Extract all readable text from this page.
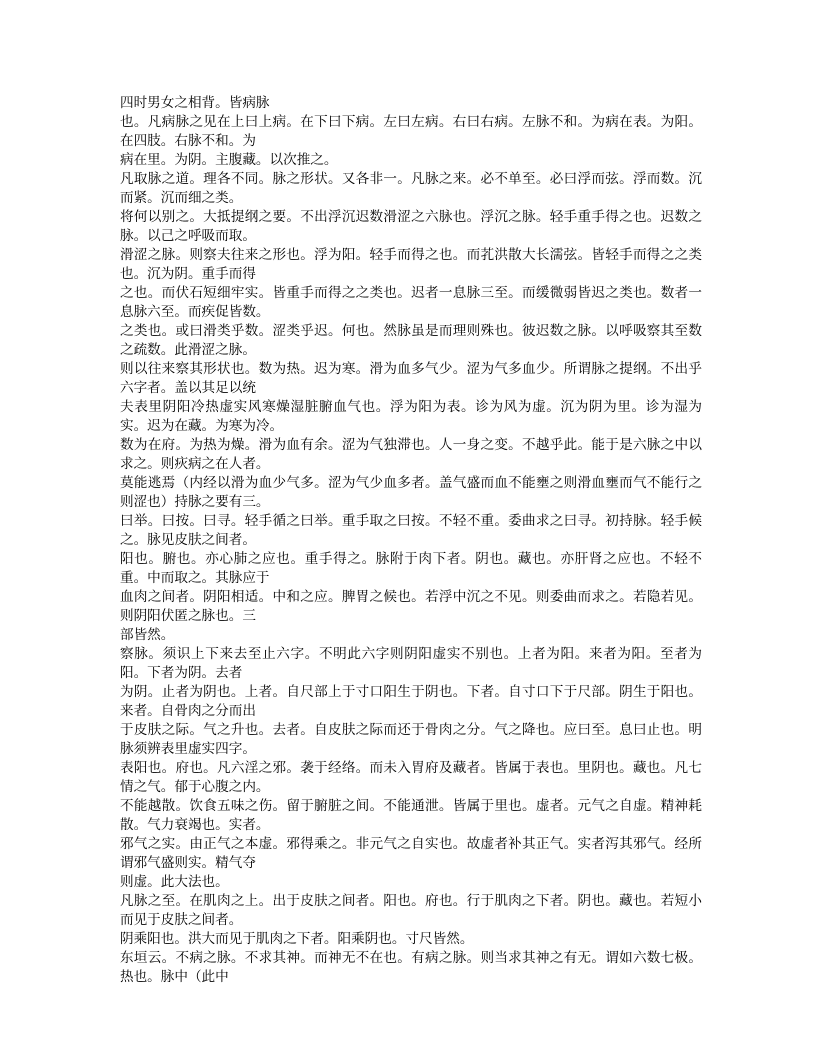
四时男女之相背。皆病脉

也。凡病脉之见在上曰上病。在下曰下病。左曰左病。右曰右病。左脉不和。为病在表。为阳。在四肢。右脉不和。为

病在里。为阴。主腹藏。以次推之。

凡取脉之道。理各不同。脉之形状。又各非一。凡脉之来。必不单至。必曰浮而弦。浮而数。沉而紧。沉而细之类。

将何以别之。大抵提纲之要。不出浮沉迟数滑涩之六脉也。浮沉之脉。轻手重手得之也。迟数之脉。以己之呼吸而取。

滑涩之脉。则察夫往来之形也。浮为阳。轻手而得之也。而芤洪散大长濡弦。皆轻手而得之之类也。沉为阴。重手而得

之也。而伏石短细牢实。皆重手而得之之类也。迟者一息脉三至。而缓微弱皆迟之类也。数者一息脉六至。而疾促皆数。

之类也。或曰滑类乎数。涩类乎迟。何也。然脉虽是而理则殊也。彼迟数之脉。以呼吸察其至数之疏数。此滑涩之脉。

则以往来察其形状也。数为热。迟为寒。滑为血多气少。涩为气多血少。所谓脉之提纲。不出乎六字者。盖以其足以统

夫表里阴阳冷热虚实风寒燥湿脏腑血气也。浮为阳为表。诊为风为虚。沉为阴为里。诊为湿为实。迟为在藏。为寒为冷。

数为在府。为热为燥。滑为血有余。涩为气独滞也。人一身之变。不越乎此。能于是六脉之中以求之。则疢病之在人者。

莫能逃焉（内经以滑为血少气多。涩为气少血多者。盖气盛而血不能壅之则滑血壅而气不能行之则涩也）持脉之要有三。

曰举。曰按。曰寻。轻手循之曰举。重手取之曰按。不轻不重。委曲求之曰寻。初持脉。轻手候之。脉见皮肤之间者。

阳也。腑也。亦心肺之应也。重手得之。脉附于肉下者。阴也。藏也。亦肝肾之应也。不轻不重。中而取之。其脉应于

血肉之间者。阴阳相适。中和之应。脾胃之候也。若浮中沉之不见。则委曲而求之。若隐若见。则阴阳伏匿之脉也。三

部皆然。

察脉。须识上下来去至止六字。不明此六字则阴阳虚实不别也。上者为阳。来者为阳。至者为阳。下者为阴。去者

为阴。止者为阴也。上者。自尺部上于寸口阳生于阴也。下者。自寸口下于尺部。阴生于阳也。来者。自骨肉之分而出

于皮肤之际。气之升也。去者。自皮肤之际而还于骨肉之分。气之降也。应曰至。息曰止也。明脉须辨表里虚实四字。

表阳也。府也。凡六淫之邪。袭于经络。而未入胃府及藏者。皆属于表也。里阴也。藏也。凡七情之气。郁于心腹之内。

不能越散。饮食五味之伤。留于腑脏之间。不能通泄。皆属于里也。虚者。元气之自虚。精神耗散。气力衰竭也。实者。

邪气之实。由正气之本虚。邪得乘之。非元气之自实也。故虚者补其正气。实者泻其邪气。经所谓邪气盛则实。精气夺

则虚。此大法也。

凡脉之至。在肌肉之上。出于皮肤之间者。阳也。府也。行于肌肉之下者。阴也。藏也。若短小而见于皮肤之间者。

阴乘阳也。洪大而见于肌肉之下者。阳乘阴也。寸尺皆然。

东垣云。不病之脉。不求其神。而神无不在也。有病之脉。则当求其神之有无。谓如六数七极。热也。脉中（此中
